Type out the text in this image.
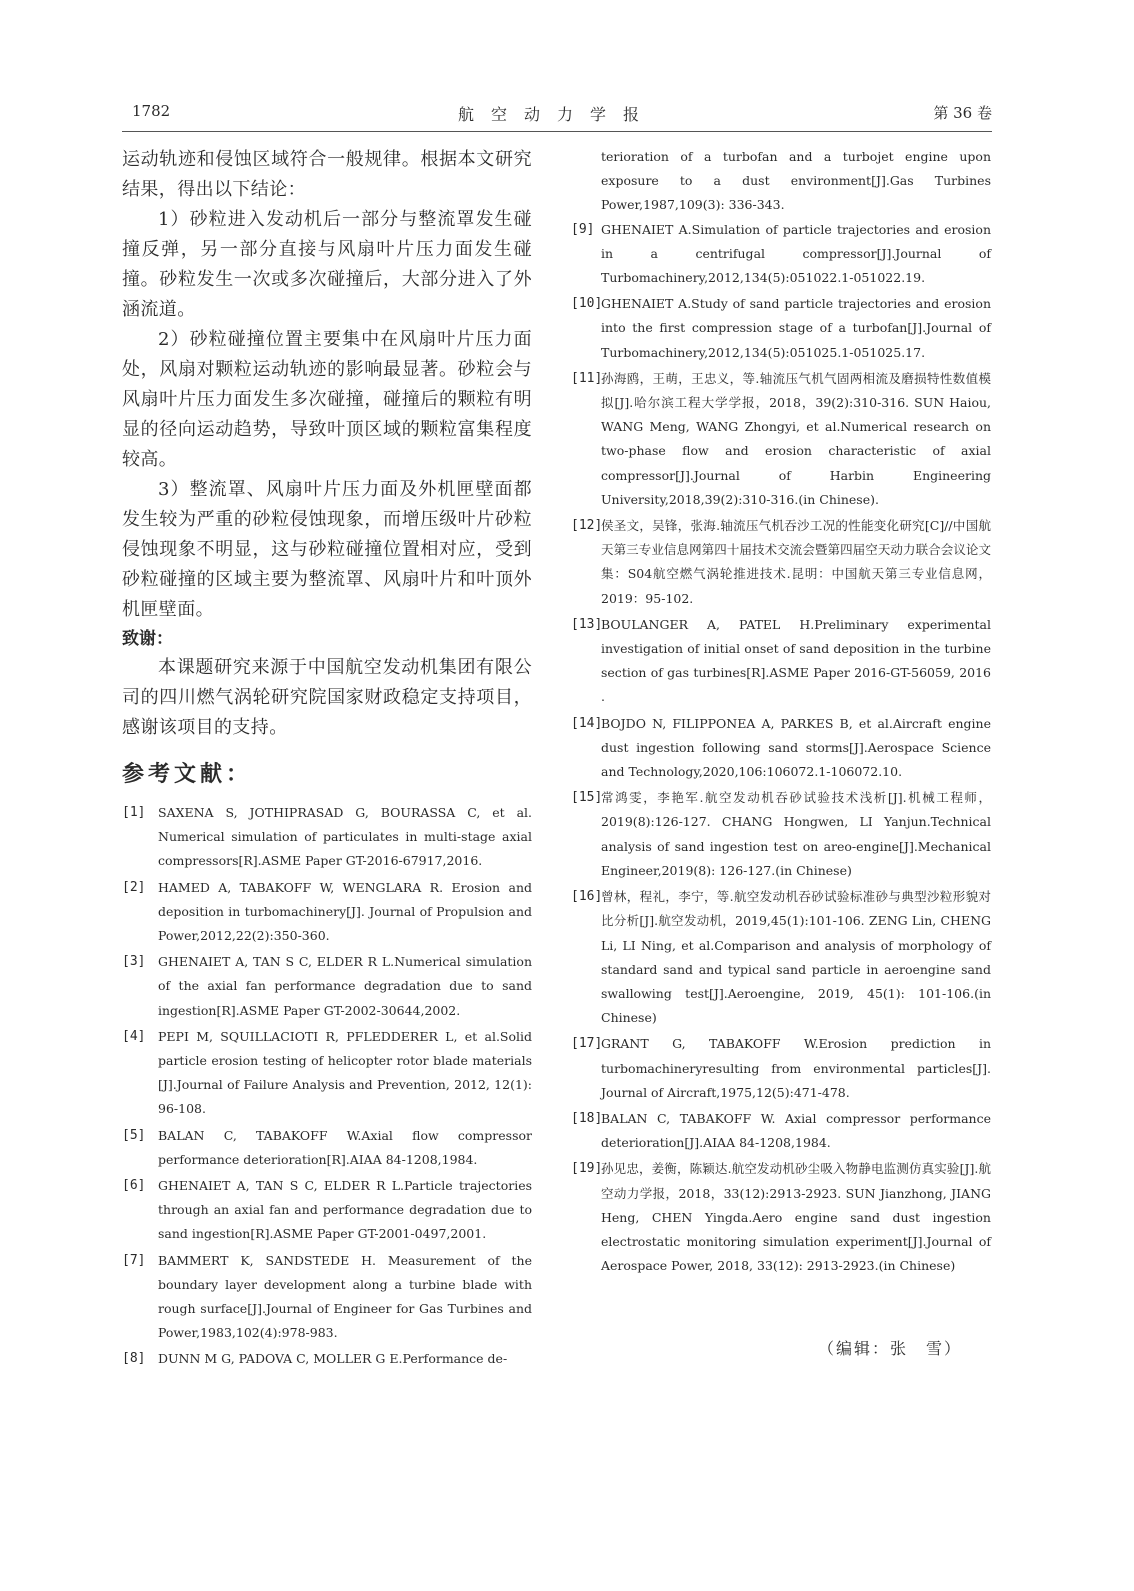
1782	航空动力学报	第 36 卷

运动轨迹和侵蚀区域符合一般规律。根据本文研究结果，得出以下结论：

1）砂粒进入发动机后一部分与整流罩发生碰撞反弹，另一部分直接与风扇叶片压力面发生碰撞。砂粒发生一次或多次碰撞后，大部分进入了外涵流道。

2）砂粒碰撞位置主要集中在风扇叶片压力面处，风扇对颗粒运动轨迹的影响最显著。砂粒会与风扇叶片压力面发生多次碰撞，碰撞后的颗粒有明显的径向运动趋势，导致叶顶区域的颗粒富集程度较高。

3）整流罩、风扇叶片压力面及外机匣壁面都发生较为严重的砂粒侵蚀现象，而增压级叶片砂粒侵蚀现象不明显，这与砂粒碰撞位置相对应，受到砂粒碰撞的区域主要为整流罩、风扇叶片和叶顶外机匣壁面。

致谢：

本课题研究来源于中国航空发动机集团有限公司的四川燃气涡轮研究院国家财政稳定支持项目，感谢该项目的支持。

参考文献：
[1] SAXENA S, JOTHIPRASAD G, BOURASSA C, et al. Numerical simulation of particulates in multi-stage axial compressors[R].ASME Paper GT-2016-67917,2016.
[2] HAMED A, TABAKOFF W, WENGLARA R. Erosion and deposition in turbomachinery[J]. Journal of Propulsion and Power,2012,22(2):350-360.
[3] GHENAIET A, TAN S C, ELDER R L.Numerical simulation of the axial fan performance degradation due to sand ingestion[R].ASME Paper GT-2002-30644,2002.
[4] PEPI M, SQUILLACIOTI R, PFLEDDERER L, et al.Solid particle erosion testing of helicopter rotor blade materials [J].Journal of Failure Analysis and Prevention, 2012, 12(1): 96-108.
[5] BALAN C, TABAKOFF W.Axial flow compressor performance deterioration[R].AIAA 84-1208,1984.
[6] GHENAIET A, TAN S C, ELDER R L.Particle trajectories through an axial fan and performance degradation due to sand ingestion[R].ASME Paper GT-2001-0497,2001.
[7] BAMMERT K, SANDSTEDE H. Measurement of the boundary layer development along a turbine blade with rough surface[J].Journal of Engineer for Gas Turbines and Power,1983,102(4):978-983.
[8] DUNN M G, PADOVA C, MOLLER G E.Performance de-
terioration of a turbofan and a turbojet engine upon exposure to a dust environment[J].Gas Turbines Power,1987,109(3): 336-343.
[9] GHENAIET A.Simulation of particle trajectories and erosion in a centrifugal compressor[J].Journal of Turbomachinery,2012,134(5):051022.1-051022.19.
[10]
GHENAIET A.Study of sand particle trajectories and erosion into the first compression stage of a turbofan[J].Journal of Turbomachinery,2012,134(5):051025.1-051025.17.
[11]
孙海鸥，王萌，王忠义，等.轴流压气机气固两相流及磨损特性数值模拟[J].哈尔滨工程大学学报，2018，39(2):310-316. SUN Haiou, WANG Meng, WANG Zhongyi, et al.Numerical research on two-phase flow and erosion characteristic of axial compressor[J].Journal of Harbin Engineering University,2018,39(2):310-316.(in Chinese).
[12]
侯圣文，吴锋，张海.轴流压气机吞沙工况的性能变化研究[C]//中国航天第三专业信息网第四十届技术交流会暨第四届空天动力联合会议论文集：S04航空燃气涡轮推进技术.昆明：中国航天第三专业信息网，2019：95-102.
[13]
BOULANGER A, PATEL H.Preliminary experimental investigation of initial onset of sand deposition in the turbine section of gas turbines[R].ASME Paper 2016-GT-56059, 2016 .
[14]
BOJDO N, FILIPPONEA A, PARKES B, et al.Aircraft engine dust ingestion following sand storms[J].Aerospace Science and Technology,2020,106:106072.1-106072.10.
[15]
常鸿雯，李艳军.航空发动机吞砂试验技术浅析[J].机械工程师，2019(8):126-127. CHANG Hongwen, LI Yanjun.Technical analysis of sand ingestion test on areo-engine[J].Mechanical Engineer,2019(8): 126-127.(in Chinese)
[16]
曾林，程礼，李宁，等.航空发动机吞砂试验标准砂与典型沙粒形貌对比分析[J].航空发动机，2019,45(1):101-106. ZENG Lin, CHENG Li, LI Ning, et al.Comparison and analysis of morphology of standard sand and typical sand particle in aeroengine sand swallowing test[J].Aeroengine, 2019, 45(1): 101-106.(in Chinese)
[17]
GRANT G, TABAKOFF W.Erosion prediction in turbomachineryresulting from environmental particles[J]. Journal of Aircraft,1975,12(5):471-478.
[18]
BALAN C, TABAKOFF W. Axial compressor performance deterioration[J].AIAA 84-1208,1984.
[19]
孙见忠，姜衡，陈颖达.航空发动机砂尘吸入物静电监测仿真实验[J].航空动力学报，2018，33(12):2913-2923. SUN Jianzhong, JIANG Heng, CHEN Yingda.Aero engine sand dust ingestion electrostatic monitoring simulation experiment[J].Journal of Aerospace Power, 2018, 33(12): 2913-2923.(in Chinese)
（编辑：张　雪）
